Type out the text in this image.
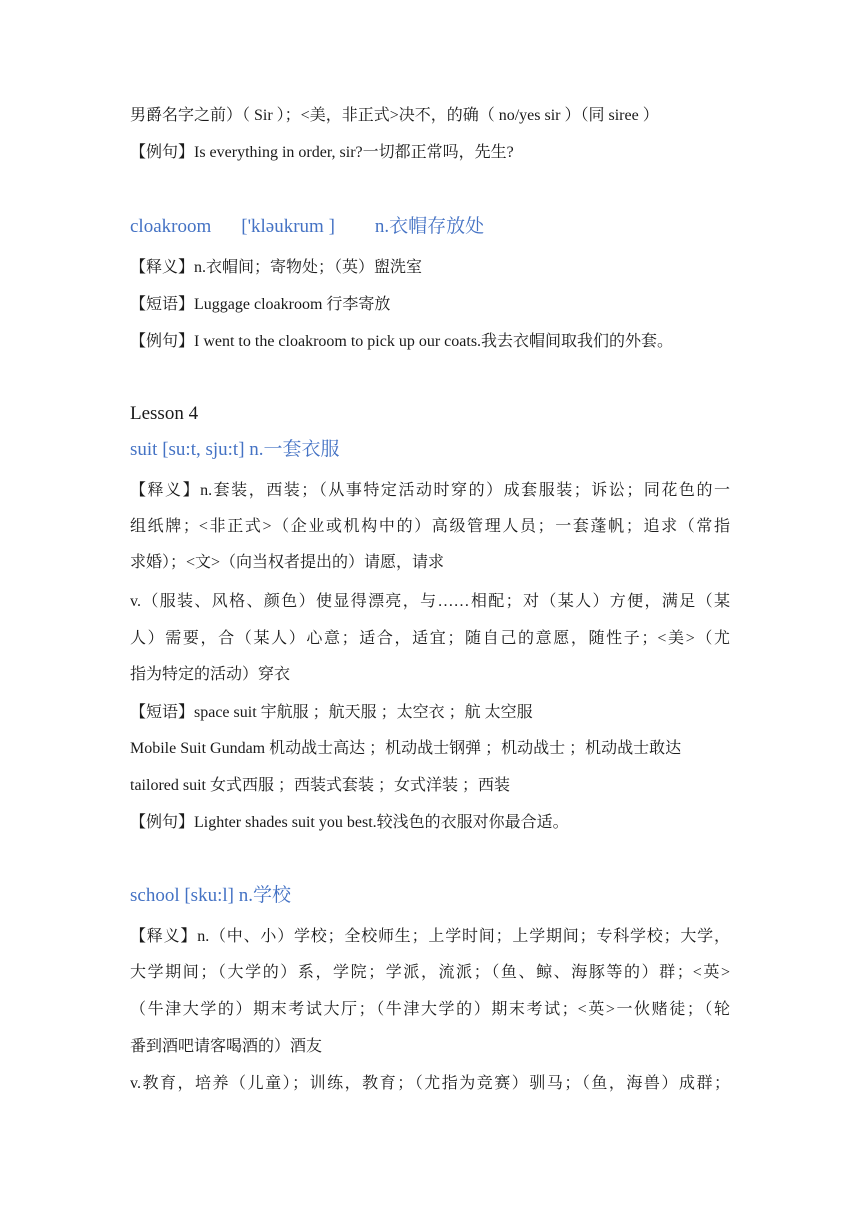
男爵名字之前）（ Sir ）；<美，非正式>决不，的确（ no/yes sir ）（同 siree ）
【例句】Is everything in order, sir?一切都正常吗，先生?
cloakroom ['kləukrum ] n.衣帽存放处
【释义】n.衣帽间；寄物处；（英）盥洗室
【短语】Luggage cloakroom 行李寄放
【例句】I went to the cloakroom to pick up our coats.我去衣帽间取我们的外套。
Lesson 4
suit [su:t, sju:t] n.一套衣服
【释义】n.套装，西装；（从事特定活动时穿的）成套服装；诉讼；同花色的一
组纸牌；<非正式>（企业或机构中的）高级管理人员；一套蓬帆；追求（常指
求婚）；<文>（向当权者提出的）请愿，请求
v.（服装、风格、颜色）使显得漂亮，与……相配；对（某人）方便，满足（某
人）需要，合（某人）心意；适合，适宜；随自己的意愿，随性子；<美>（尤
指为特定的活动）穿衣
【短语】space suit 宇航服 ；航天服 ；太空衣 ；航 太空服
Mobile Suit Gundam 机动战士高达 ；机动战士钢弹 ；机动战士 ；机动战士敢达
tailored suit 女式西服 ；西装式套装 ；女式洋装 ；西装
【例句】Lighter shades suit you best.较浅色的衣服对你最合适。
school [sku:l] n.学校
【释义】n.（中、小）学校；全校师生；上学时间；上学期间；专科学校；大学，
大学期间；（大学的）系，学院；学派，流派；（鱼、鲸、海豚等的）群；<英>
（牛津大学的）期末考试大厅；（牛津大学的）期末考试；<英>一伙赌徒；（轮
番到酒吧请客喝酒的）酒友
v.教育，培养（儿童）；训练，教育；（尤指为竞赛）驯马；（鱼，海兽）成群；
